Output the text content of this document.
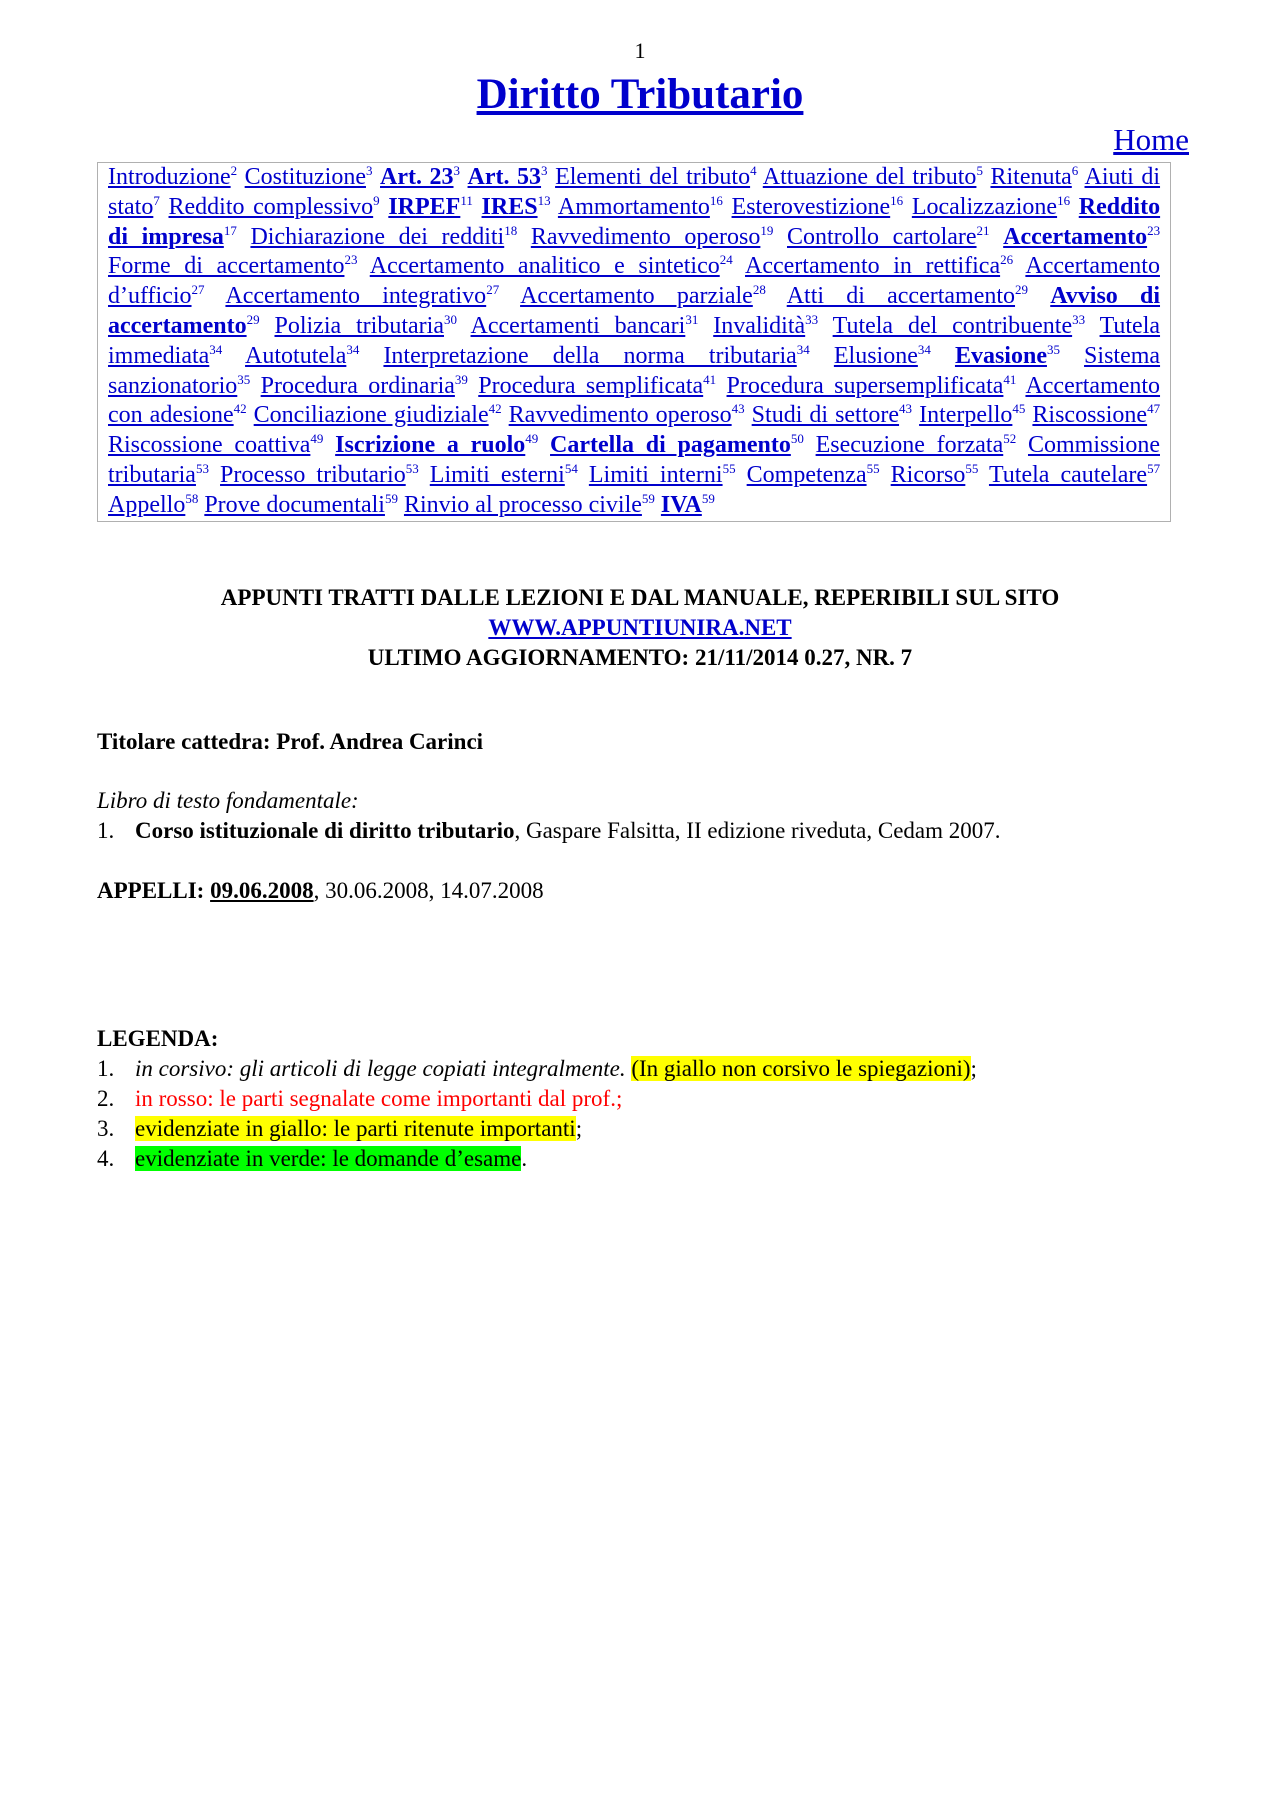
1
Diritto Tributario
Home
Introduzione$^2$ Costituzione$^3$ Art. $23^3$ Art. $53^3$ Elementi del tributo$^4$ Attuazione del tributo$^5$ Ritenuta$^6$ Aiuti di stato$^7$ Reddito complessivo$^9$ IRPEF$^{11}$ IRES$^{13}$ Ammortamento$^{16}$ Esterovestizione$^{16}$ Localizzazione$^{16}$ Reddito di impresa$^{17}$ Dichiarazione dei redditi$^{18}$ Ravvedimento operoso$^{19}$ Controllo cartolare$^{21}$ Accertamento$^{23}$ Forme di accertamento$^{23}$ Accertamento analitico e sintetico$^{24}$ Accertamento in rettifica$^{26}$ Accertamento d’ufficio$^{27}$ Accertamento integrativo$^{27}$ Accertamento parziale$^{28}$ Atti di accertamento$^{29}$ Avviso di accertamento$^{29}$ Polizia tributaria$^{30}$ Accertamenti bancari$^{31}$ Invalidità$^{33}$ Tutela del contribuente$^{33}$ Tutela immediata$^{34}$ Autotutela$^{34}$ Interpretazione della norma tributaria$^{34}$ Elusione$^{34}$ Evasione$^{35}$ Sistema sanzionatorio$^{35}$ Procedura ordinaria$^{39}$ Procedura semplificata$^{41}$ Procedura supersemplificata$^{41}$ Accertamento con adesione$^{42}$ Conciliazione giudiziale$^{42}$ Ravvedimento operoso$^{43}$ Studi di settore$^{43}$ Interpello$^{45}$ Riscossione$^{47}$ Riscossione coattiva$^{49}$ Iscrizione a ruolo$^{49}$ Cartella di pagamento$^{50}$ Esecuzione forzata$^{52}$ Commissione tributaria$^{53}$ Processo tributario$^{53}$ Limiti esterni$^{54}$ Limiti interni$^{55}$ Competenza$^{55}$ Ricorso$^{55}$ Tutela cautelare$^{57}$ Appello$^{58}$ Prove documentali$^{59}$ Rinvio al processo civile$^{59}$ IVA$^{59}$
APPUNTI TRATTI DALLE LEZIONI E DAL MANUALE, REPERIBILI SUL SITO
WWW.APPUNTIUNIRA.NET
ULTIMO AGGIORNAMENTO: 21/11/2014 0.27, NR. 7
Titolare cattedra: Prof. Andrea Carinci
Libro di testo fondamentale:
1. Corso istituzionale di diritto tributario, Gaspare Falsitta, II edizione riveduta, Cedam 2007.
APPELLI: 09.06.2008, 30.06.2008, 14.07.2008
LEGENDA:
1. in corsivo: gli articoli di legge copiati integralmente. (In giallo non corsivo le spiegazioni);
2. in rosso: le parti segnalate come importanti dal prof.;
3. evidenziate in giallo: le parti ritenute importanti;
4. evidenziate in verde: le domande d’esame.
